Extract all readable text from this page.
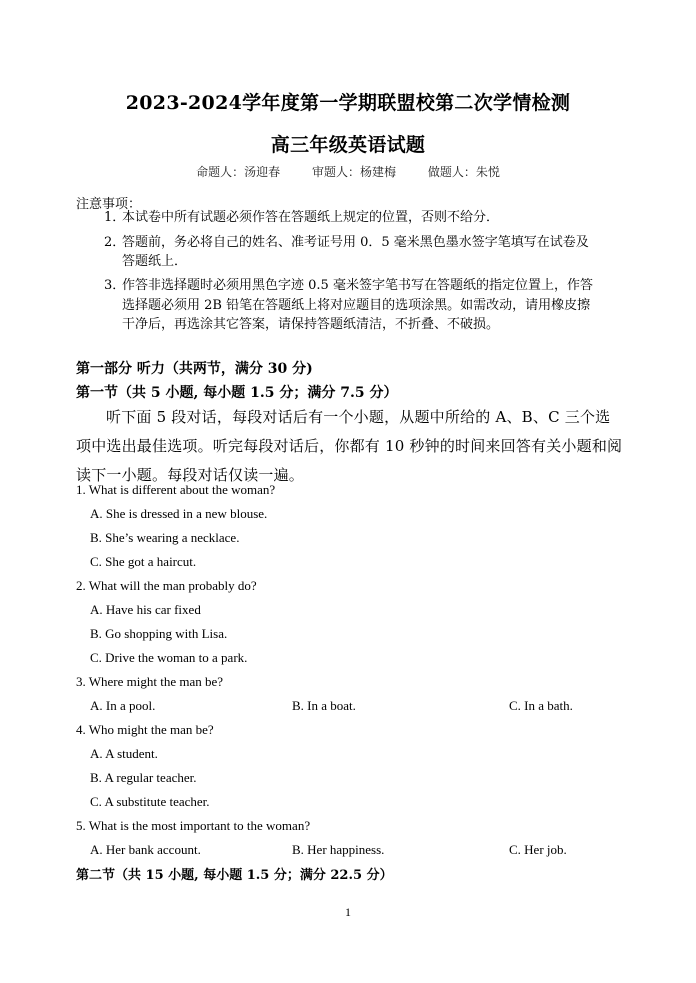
2023-2024学年度第一学期联盟校第二次学情检测
高三年级英语试题
命题人：汤迎春	审题人：杨建梅	做题人：朱悦
注意事项：
1．本试卷中所有试题必须作答在答题纸上规定的位置，否则不给分．
2．答题前，务必将自己的姓名、准考证号用 0．5 毫米黑色墨水签字笔填写在试卷及
答题纸上．
3．作答非选择题时必须用黑色字迹 0.5 毫米签字笔书写在答题纸的指定位置上，作答
选择题必须用 2B 铅笔在答题纸上将对应题目的选项涂黑。如需改动，请用橡皮擦
干净后，再选涂其它答案，请保持答题纸清洁，不折叠、不破损。
第一部分 听力（共两节，满分 30 分)
第一节（共 5 小题, 每小题 1.5 分；满分 7.5 分）
听下面 5 段对话，每段对话后有一个小题，从题中所给的 A、B、C 三个选项中选出最佳选项。听完每段对话后，你都有 10 秒钟的时间来回答有关小题和阅读下一小题。每段对话仅读一遍。
1. What is different about the woman?
A. She is dressed in a new blouse.
B. She’s wearing a necklace.
C. She got a haircut.
2. What will the man probably do?
A. Have his car fixed
B. Go shopping with Lisa.
C. Drive the woman to a park.
3. Where might the man be?
A. In a pool.	B. In a boat.	C. In a bath.
4. Who might the man be?
A. A student.
B. A regular teacher.
C. A substitute teacher.
5. What is the most important to the woman?
A. Her bank account.	B. Her happiness.	C. Her job.
第二节（共 15 小题, 每小题 1.5 分；满分 22.5 分）
1
